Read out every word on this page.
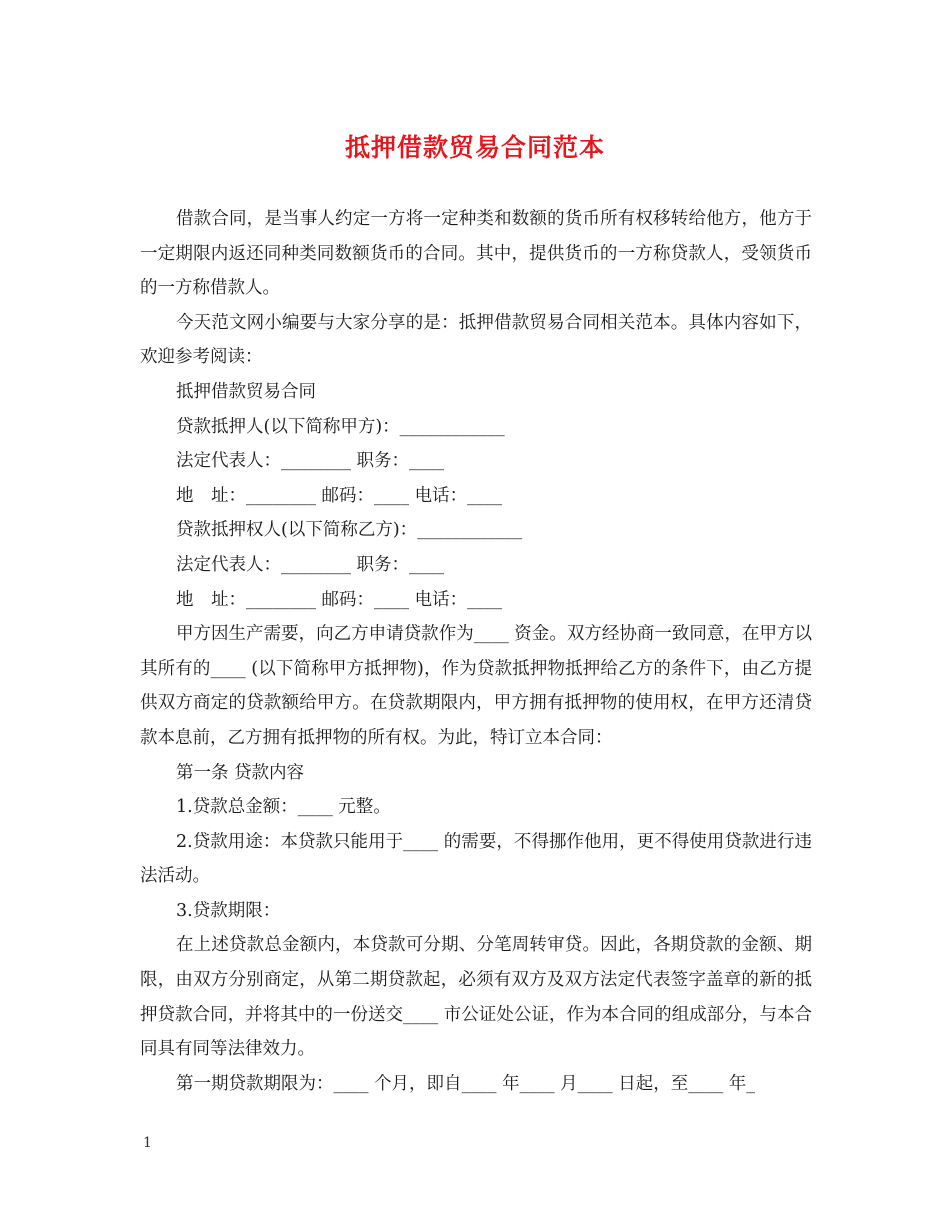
抵押借款贸易合同范本

借款合同，是当事人约定一方将一定种类和数额的货币所有权移转给他方，他方于一定期限内返还同种类同数额货币的合同。其中，提供货币的一方称贷款人，受领货币的一方称借款人。

今天范文网小编要与大家分享的是：抵押借款贸易合同相关范本。具体内容如下，欢迎参考阅读：

抵押借款贸易合同

贷款抵押人(以下简称甲方)：____________

法定代表人：________ 职务：____

地　址：________ 邮码：____ 电话：____

贷款抵押权人(以下简称乙方)：____________

法定代表人：________ 职务：____

地　址：________ 邮码：____ 电话：____

甲方因生产需要，向乙方申请贷款作为____ 资金。双方经协商一致同意，在甲方以其所有的____ (以下简称甲方抵押物)，作为贷款抵押物抵押给乙方的条件下，由乙方提供双方商定的贷款额给甲方。在贷款期限内，甲方拥有抵押物的使用权，在甲方还清贷款本息前，乙方拥有抵押物的所有权。为此，特订立本合同：

第一条 贷款内容

1.贷款总金额：____ 元整。

2.贷款用途：本贷款只能用于____ 的需要，不得挪作他用，更不得使用贷款进行违法活动。

3.贷款期限：

在上述贷款总金额内，本贷款可分期、分笔周转审贷。因此，各期贷款的金额、期限，由双方分别商定，从第二期贷款起，必须有双方及双方法定代表签字盖章的新的抵押贷款合同，并将其中的一份送交____ 市公证处公证，作为本合同的组成部分，与本合同具有同等法律效力。

第一期贷款期限为：____ 个月，即自____ 年____ 月____ 日起，至____ 年_

1
